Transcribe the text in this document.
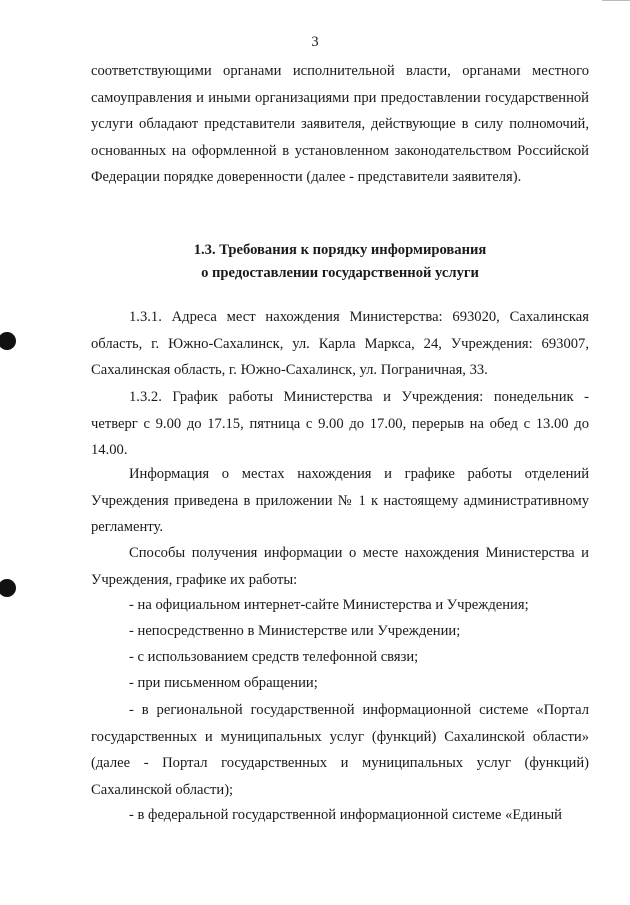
3

соответствующими органами исполнительной власти, органами местного самоуправления и иными организациями при предоставлении государственной услуги обладают представители заявителя, действующие в силу полномочий, основанных на оформленной в установленном законодательством Российской Федерации порядке доверенности (далее - представители заявителя).

1.3. Требования к порядку информирования

о предоставлении государственной услуги

1.3.1. Адреса мест нахождения Министерства: 693020, Сахалинская область, г. Южно-Сахалинск, ул. Карла Маркса, 24, Учреждения: 693007, Сахалинская область, г. Южно-Сахалинск, ул. Пограничная, 33.

1.3.2. График работы Министерства и Учреждения: понедельник - четверг с 9.00 до 17.15, пятница с 9.00 до 17.00, перерыв на обед с 13.00 до 14.00.

Информация о местах нахождения и графике работы отделений Учреждения приведена в приложении № 1 к настоящему административному регламенту.

Способы получения информации о месте нахождения Министерства и Учреждения, графике их работы:

- на официальном интернет-сайте Министерства и Учреждения;

- непосредственно в Министерстве или Учреждении;

- с использованием средств телефонной связи;

- при письменном обращении;

- в региональной государственной информационной системе «Портал государственных и муниципальных услуг (функций) Сахалинской области» (далее - Портал государственных и муниципальных услуг (функций) Сахалинской области);

- в федеральной государственной информационной системе «Единый
